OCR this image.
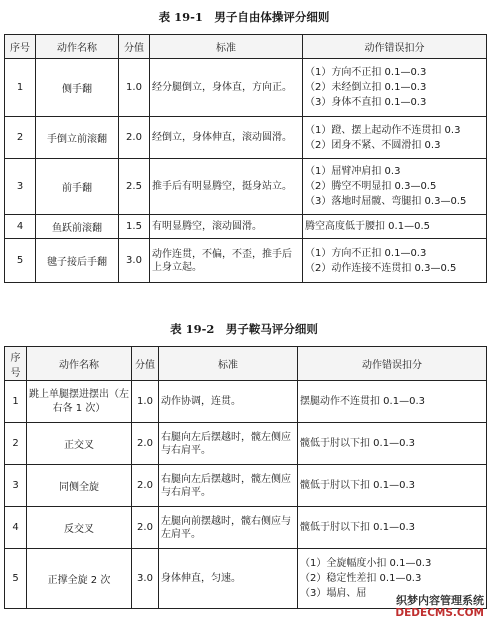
表 19-1　男子自由体操评分细则
序号	动作名称	分值	标准	动作错误扣分
1	侧手翻	1.0	经分腿倒立，身体直，方向正。	（1）方向不正扣 0.1—0.3
（2）未经倒立扣 0.1—0.3
（3）身体不直扣 0.1—0.3

2	手倒立前滚翻	2.0	经倒立，身体伸直，滚动圆滑。	（1）蹬、摆上起动作不连贯扣 0.3
（2）团身不紧、不圆滑扣 0.3

3	前手翻	2.5	推手后有明显腾空，挺身站立。	（1）屈臂冲肩扣 0.3
（2）腾空不明显扣 0.3—0.5
（3）落地时屈髋、弯腿扣 0.3—0.5

4	鱼跃前滚翻	1.5	有明显腾空，滚动圆滑。	腾空高度低于腰扣 0.1—0.5

5	毽子接后手翻	3.0	动作连贯，不偏，不歪，推手后上身立起。	（1）方向不正扣 0.1—0.3
（2）动作连接不连贯扣 0.3—0.5
表 19-2　男子鞍马评分细则
序号	动作名称	分值	标准	动作错误扣分
1	跳上单腿摆进摆出（左右各 1 次）	1.0	动作协调，连贯。	摆腿动作不连贯扣 0.1—0.3

2	正交叉	2.0	右腿向左后摆越时，髋左侧应与右肩平。	髋低于肘以下扣 0.1—0.3

3	同侧全旋	2.0	右腿向左后摆越时，髋左侧应与右肩平。	髋低于肘以下扣 0.1—0.3

4	反交叉	2.0	左腿向前摆越时，髋右侧应与左肩平。	髋低于肘以下扣 0.1—0.3

5	正撑全旋 2 次	3.0	身体伸直，匀速。	（1）全旋幅度小扣 0.1—0.3
（2）稳定性差扣 0.1—0.3
（3）塌肩、屈
织梦内容管理系统
DEDECMS.COM
